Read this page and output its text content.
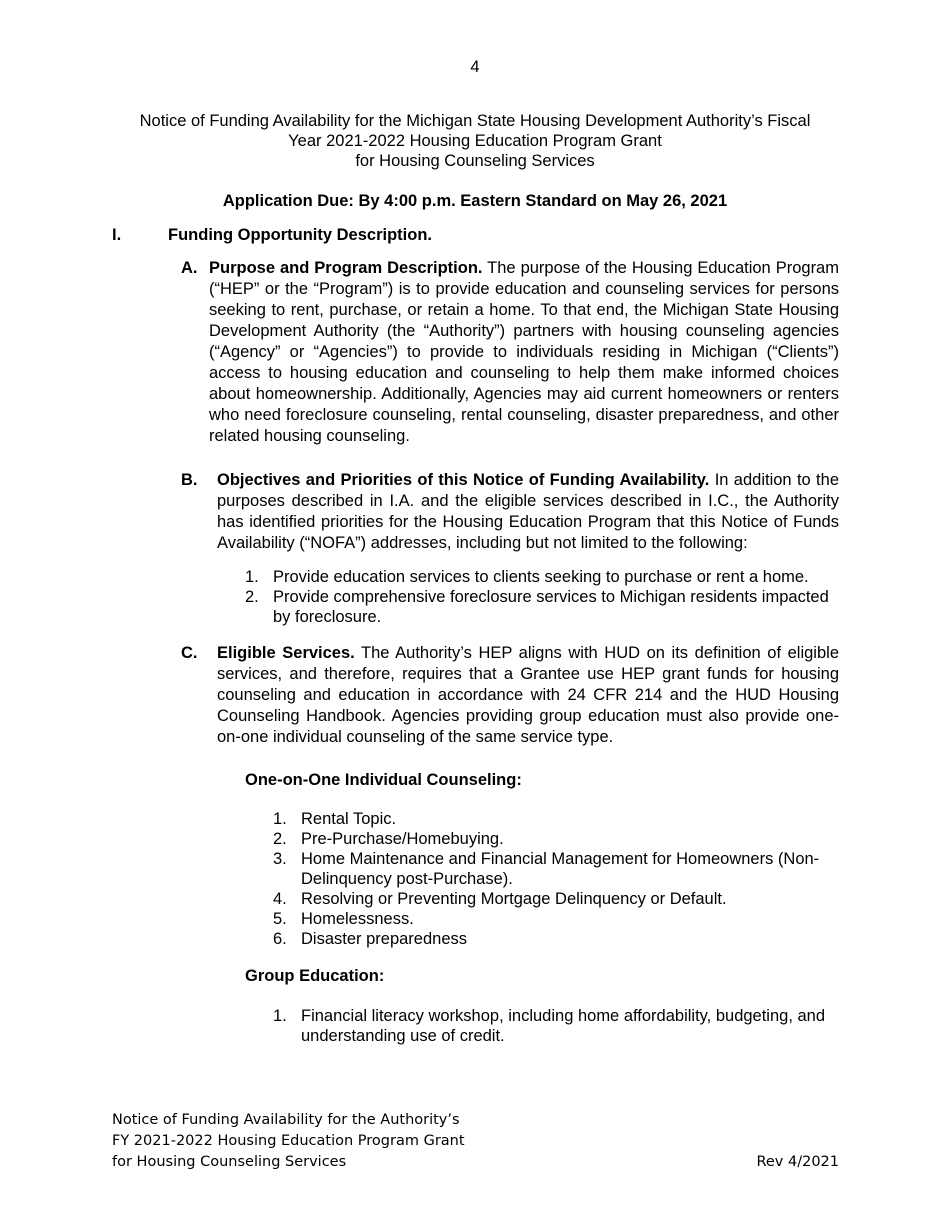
4
Notice of Funding Availability for the Michigan State Housing Development Authority’s Fiscal
Year 2021-2022 Housing Education Program Grant
for Housing Counseling Services
Application Due: By 4:00 p.m. Eastern Standard on May 26, 2021
I.	Funding Opportunity Description.
A. Purpose and Program Description. The purpose of the Housing Education Program (“HEP” or the “Program”) is to provide education and counseling services for persons seeking to rent, purchase, or retain a home. To that end, the Michigan State Housing Development Authority (the “Authority”) partners with housing counseling agencies (“Agency” or “Agencies”) to provide to individuals residing in Michigan (“Clients”) access to housing education and counseling to help them make informed choices about homeownership. Additionally, Agencies may aid current homeowners or renters who need foreclosure counseling, rental counseling, disaster preparedness, and other related housing counseling.
B. Objectives and Priorities of this Notice of Funding Availability. In addition to the purposes described in I.A. and the eligible services described in I.C., the Authority has identified priorities for the Housing Education Program that this Notice of Funds Availability (“NOFA”) addresses, including but not limited to the following:
1. Provide education services to clients seeking to purchase or rent a home.
2. Provide comprehensive foreclosure services to Michigan residents impacted by foreclosure.
C. Eligible Services. The Authority’s HEP aligns with HUD on its definition of eligible services, and therefore, requires that a Grantee use HEP grant funds for housing counseling and education in accordance with 24 CFR 214 and the HUD Housing Counseling Handbook. Agencies providing group education must also provide one-on-one individual counseling of the same service type.
One-on-One Individual Counseling:
1. Rental Topic.
2. Pre-Purchase/Homebuying.
3. Home Maintenance and Financial Management for Homeowners (Non-Delinquency post-Purchase).
4. Resolving or Preventing Mortgage Delinquency or Default.
5. Homelessness.
6. Disaster preparedness
Group Education:
1. Financial literacy workshop, including home affordability, budgeting, and understanding use of credit.
Notice of Funding Availability for the Authority’s
FY 2021-2022 Housing Education Program Grant
for Housing Counseling Services	Rev 4/2021
